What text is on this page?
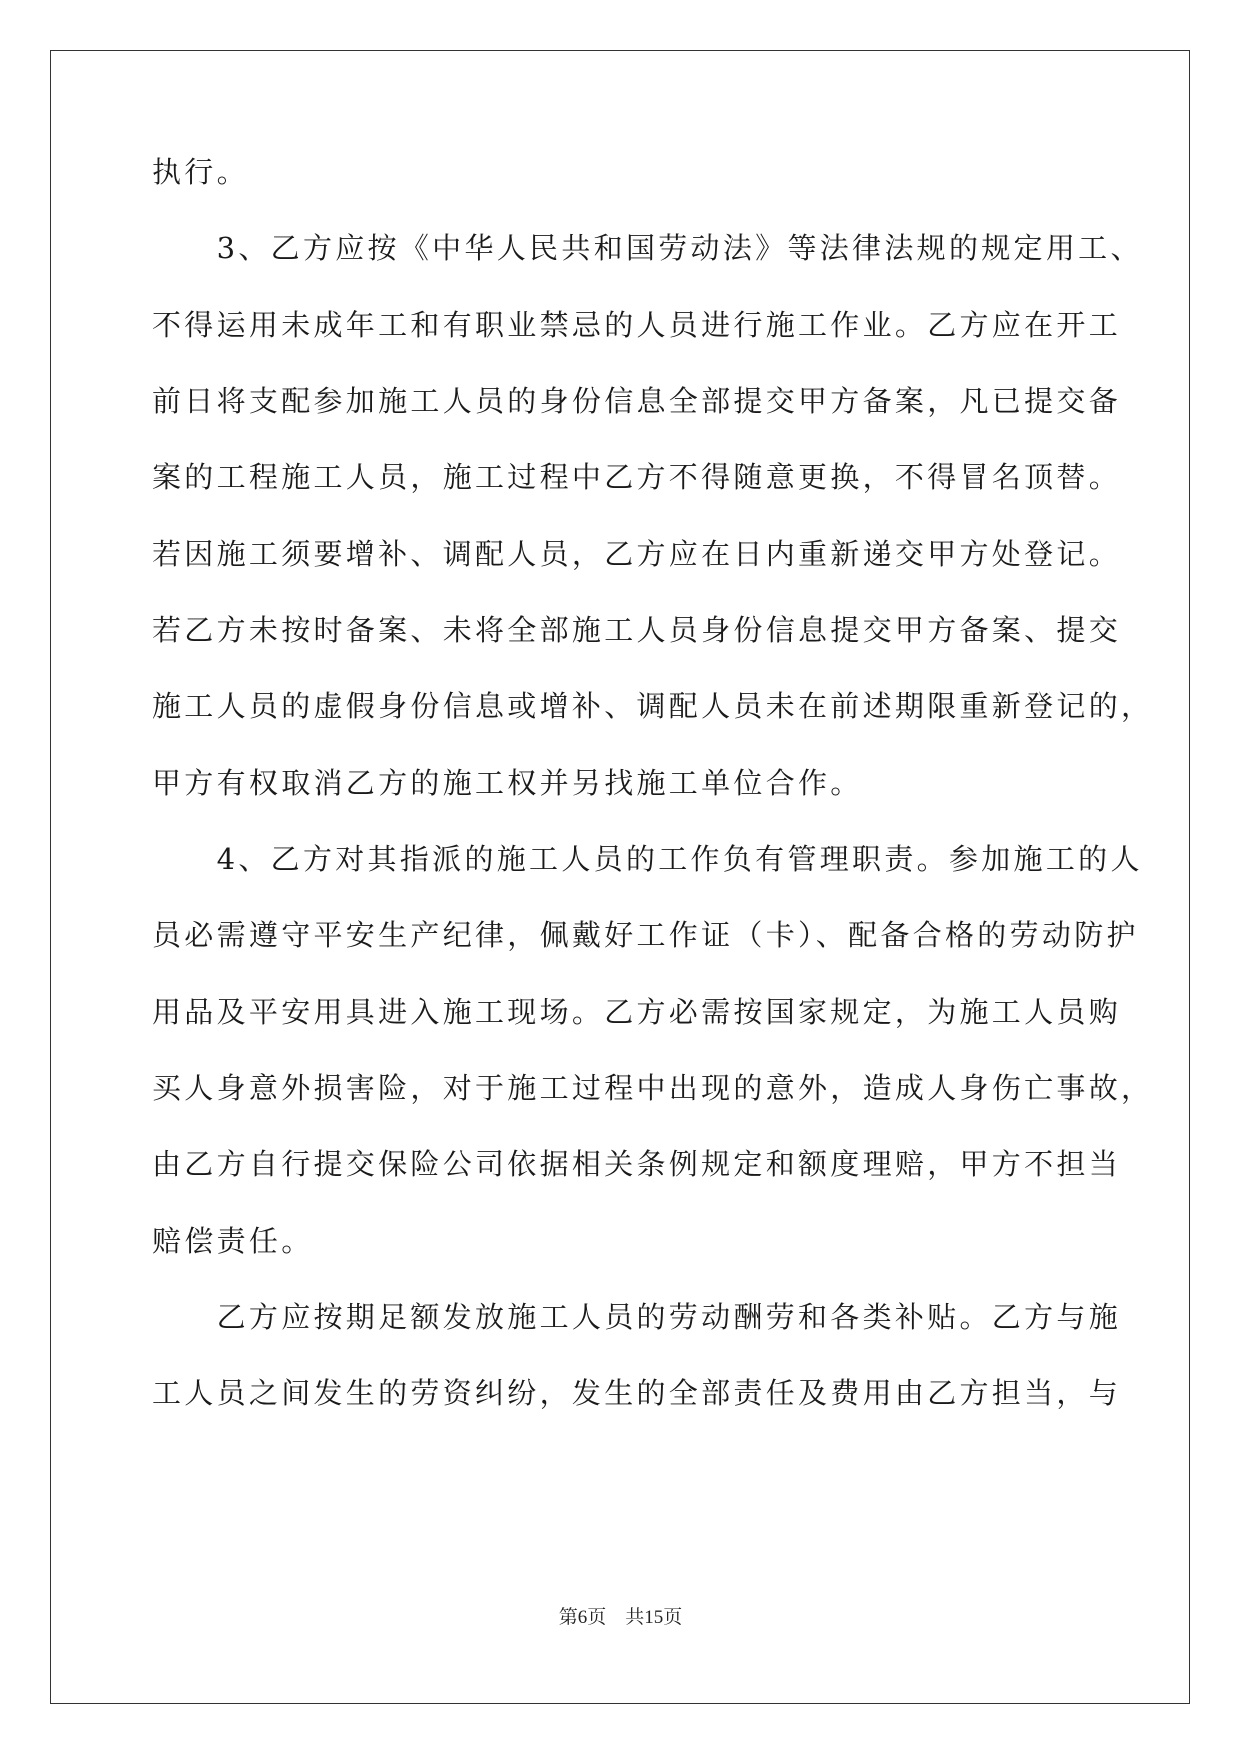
执行。
　　3、乙方应按《中华人民共和国劳动法》等法律法规的规定用工、
不得运用未成年工和有职业禁忌的人员进行施工作业。乙方应在开工
前日将支配参加施工人员的身份信息全部提交甲方备案，凡已提交备
案的工程施工人员，施工过程中乙方不得随意更换，不得冒名顶替。
若因施工须要增补、调配人员，乙方应在日内重新递交甲方处登记。
若乙方未按时备案、未将全部施工人员身份信息提交甲方备案、提交
施工人员的虚假身份信息或增补、调配人员未在前述期限重新登记的，
甲方有权取消乙方的施工权并另找施工单位合作。
　　4、乙方对其指派的施工人员的工作负有管理职责。参加施工的人
员必需遵守平安生产纪律，佩戴好工作证（卡）、配备合格的劳动防护
用品及平安用具进入施工现场。乙方必需按国家规定，为施工人员购
买人身意外损害险，对于施工过程中出现的意外，造成人身伤亡事故，
由乙方自行提交保险公司依据相关条例规定和额度理赔，甲方不担当
赔偿责任。
　　乙方应按期足额发放施工人员的劳动酬劳和各类补贴。乙方与施
工人员之间发生的劳资纠纷，发生的全部责任及费用由乙方担当，与
第6页　共15页
